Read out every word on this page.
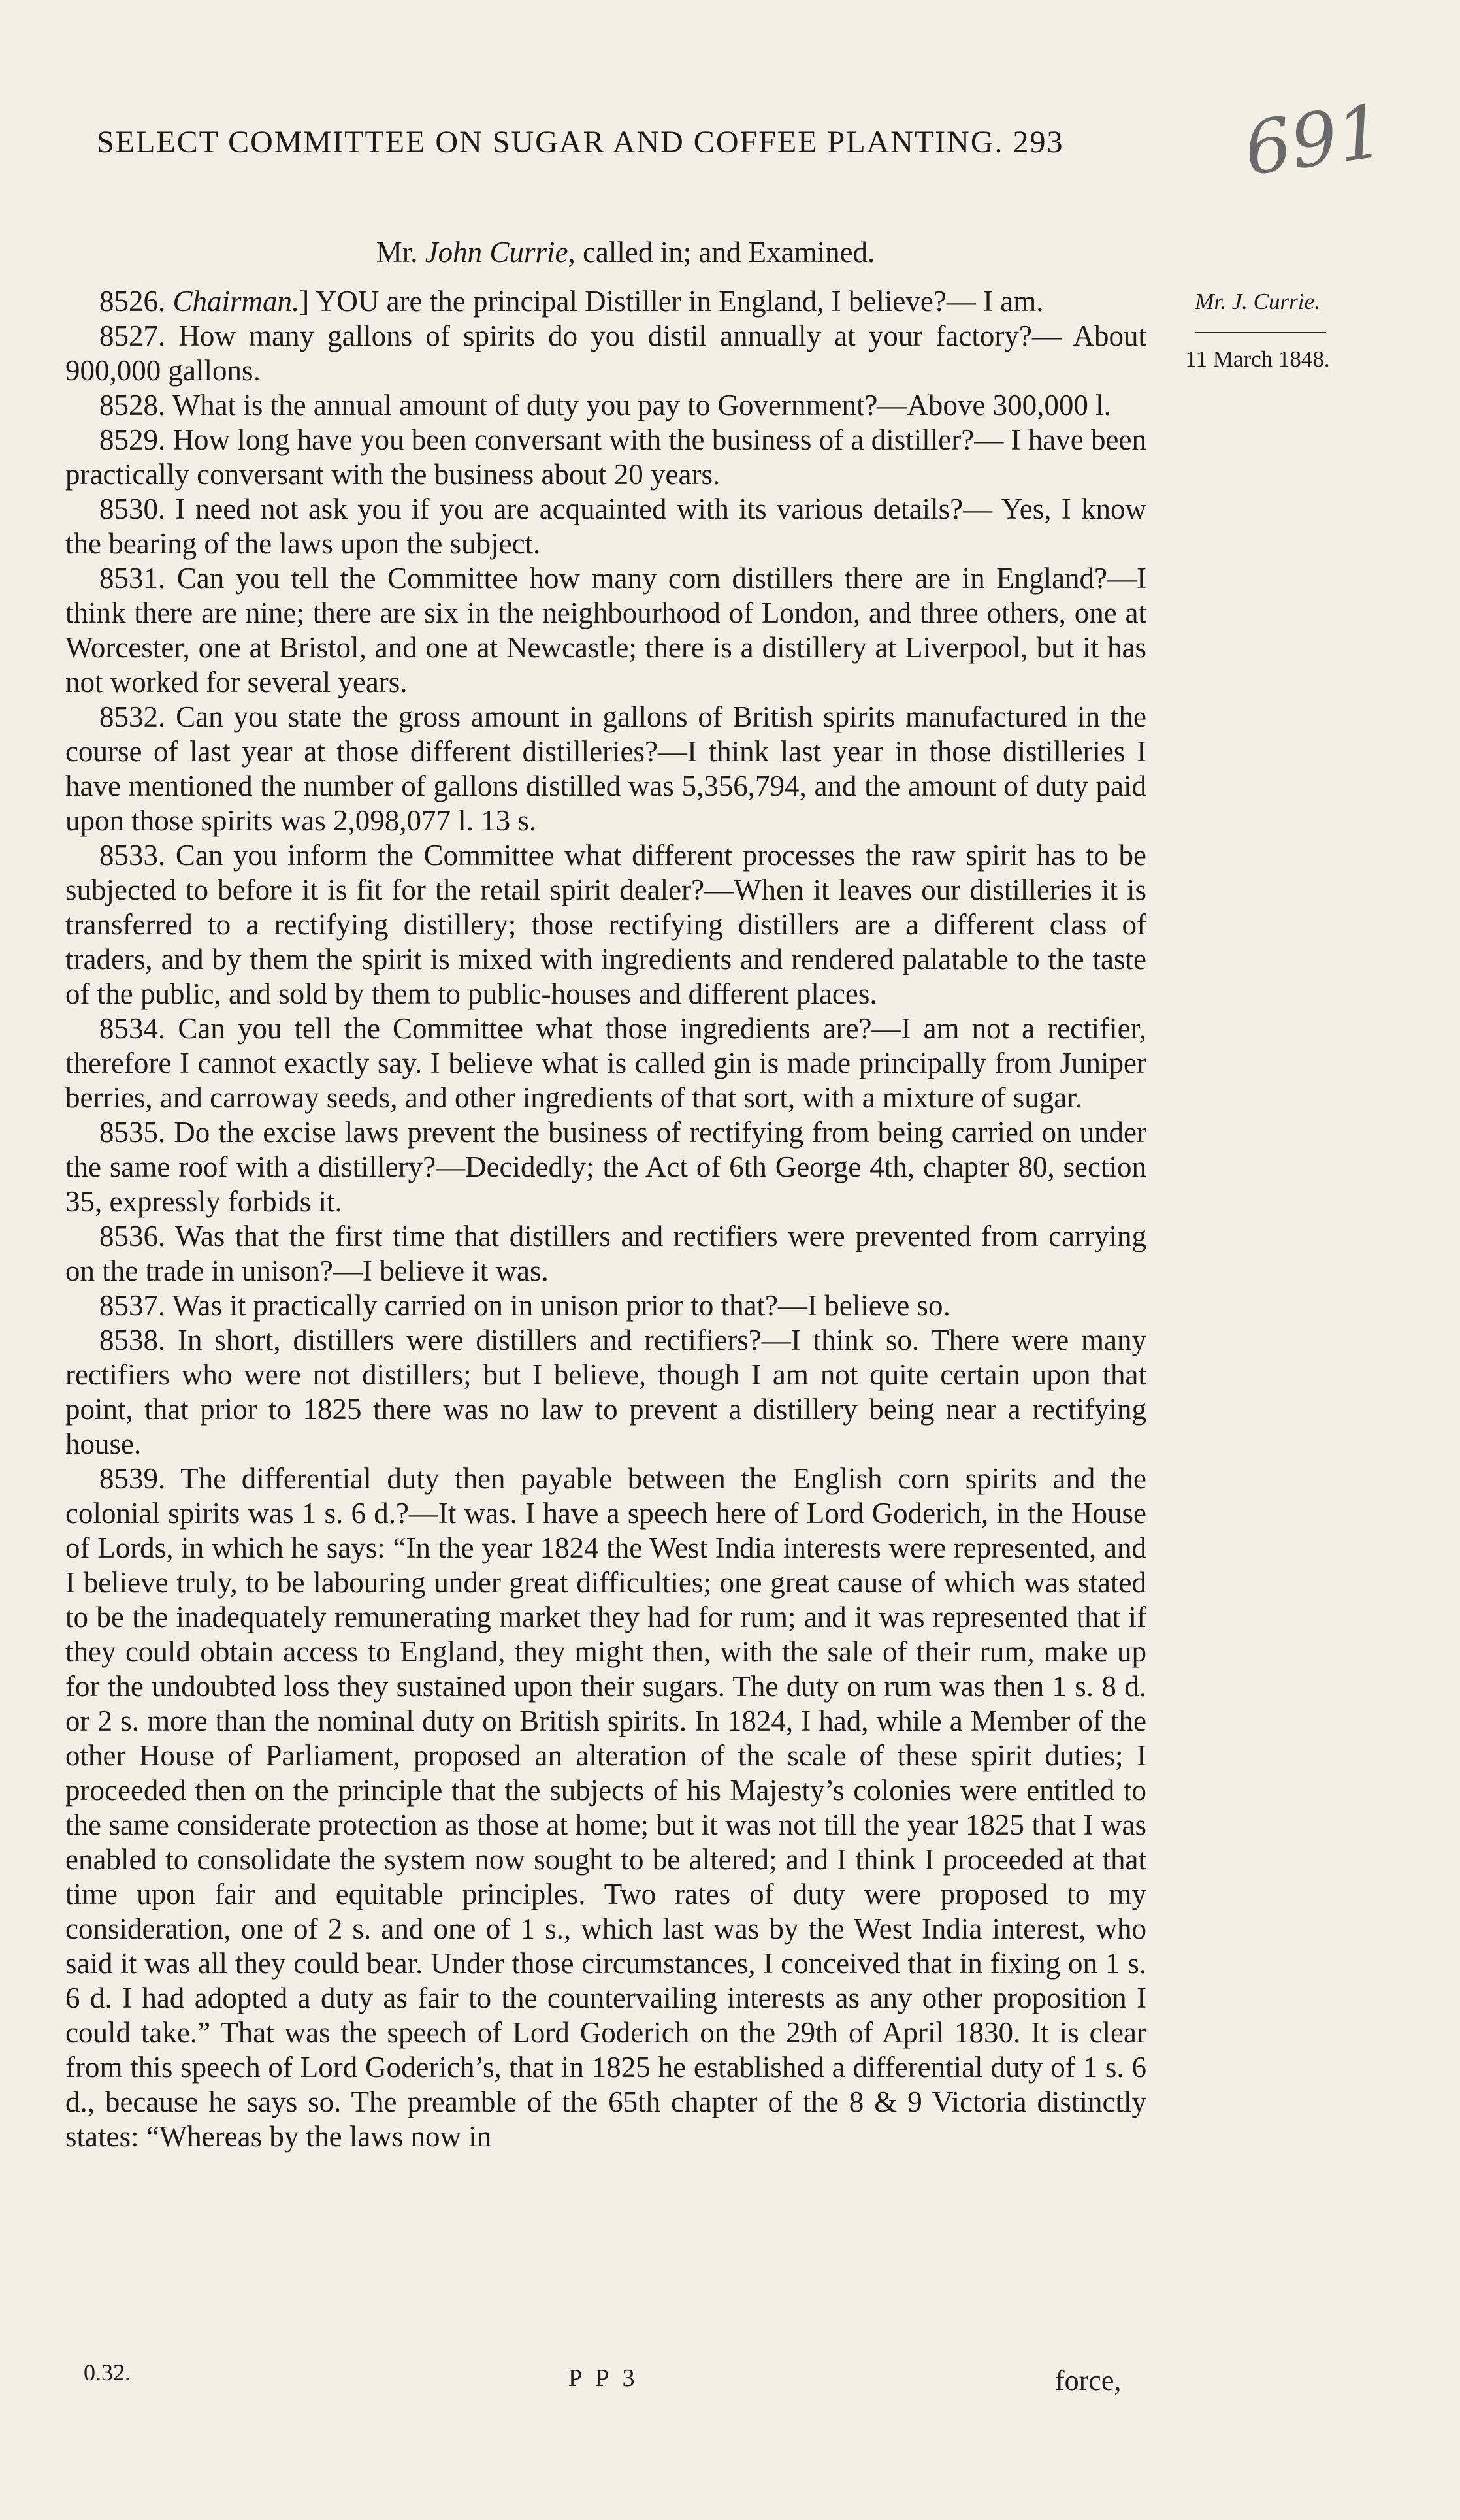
SELECT COMMITTEE ON SUGAR AND COFFEE PLANTING. 293	691
Mr. J. Currie.
11 March 1848.

Mr. John Currie, called in; and Examined.

8526. Chairman.] YOU are the principal Distiller in England, I believe?— I am.

8527. How many gallons of spirits do you distil annually at your factory?— About 900,000 gallons.

8528. What is the annual amount of duty you pay to Government?—Above 300,000 l.

8529. How long have you been conversant with the business of a distiller?— I have been practically conversant with the business about 20 years.

8530. I need not ask you if you are acquainted with its various details?— Yes, I know the bearing of the laws upon the subject.

8531. Can you tell the Committee how many corn distillers there are in England?—I think there are nine; there are six in the neighbourhood of London, and three others, one at Worcester, one at Bristol, and one at Newcastle; there is a distillery at Liverpool, but it has not worked for several years.

8532. Can you state the gross amount in gallons of British spirits manufactured in the course of last year at those different distilleries?—I think last year in those distilleries I have mentioned the number of gallons distilled was 5,356,794, and the amount of duty paid upon those spirits was 2,098,077 l. 13 s.

8533. Can you inform the Committee what different processes the raw spirit has to be subjected to before it is fit for the retail spirit dealer?—When it leaves our distilleries it is transferred to a rectifying distillery; those rectifying distillers are a different class of traders, and by them the spirit is mixed with ingredients and rendered palatable to the taste of the public, and sold by them to public-houses and different places.

8534. Can you tell the Committee what those ingredients are?—I am not a rectifier, therefore I cannot exactly say. I believe what is called gin is made principally from Juniper berries, and carroway seeds, and other ingredients of that sort, with a mixture of sugar.

8535. Do the excise laws prevent the business of rectifying from being carried on under the same roof with a distillery?—Decidedly; the Act of 6th George 4th, chapter 80, section 35, expressly forbids it.

8536. Was that the first time that distillers and rectifiers were prevented from carrying on the trade in unison?—I believe it was.

8537. Was it practically carried on in unison prior to that?—I believe so.

8538. In short, distillers were distillers and rectifiers?—I think so. There were many rectifiers who were not distillers; but I believe, though I am not quite certain upon that point, that prior to 1825 there was no law to prevent a distillery being near a rectifying house.

8539. The differential duty then payable between the English corn spirits and the colonial spirits was 1 s. 6 d.?—It was. I have a speech here of Lord Goderich, in the House of Lords, in which he says: “In the year 1824 the West India interests were represented, and I believe truly, to be labouring under great difficulties; one great cause of which was stated to be the inadequately remunerating market they had for rum; and it was represented that if they could obtain access to England, they might then, with the sale of their rum, make up for the undoubted loss they sustained upon their sugars. The duty on rum was then 1 s. 8 d. or 2 s. more than the nominal duty on British spirits. In 1824, I had, while a Member of the other House of Parliament, proposed an alteration of the scale of these spirit duties; I proceeded then on the principle that the subjects of his Majesty’s colonies were entitled to the same considerate protection as those at home; but it was not till the year 1825 that I was enabled to consolidate the system now sought to be altered; and I think I proceeded at that time upon fair and equitable principles. Two rates of duty were proposed to my consideration, one of 2 s. and one of 1 s., which last was by the West India interest, who said it was all they could bear. Under those circumstances, I conceived that in fixing on 1 s. 6 d. I had adopted a duty as fair to the countervailing interests as any other proposition I could take.” That was the speech of Lord Goderich on the 29th of April 1830. It is clear from this speech of Lord Goderich’s, that in 1825 he established a differential duty of 1 s. 6 d., because he says so. The preamble of the 65th chapter of the 8 & 9 Victoria distinctly states: “Whereas by the laws now in

0.32.	P P 3	force,
